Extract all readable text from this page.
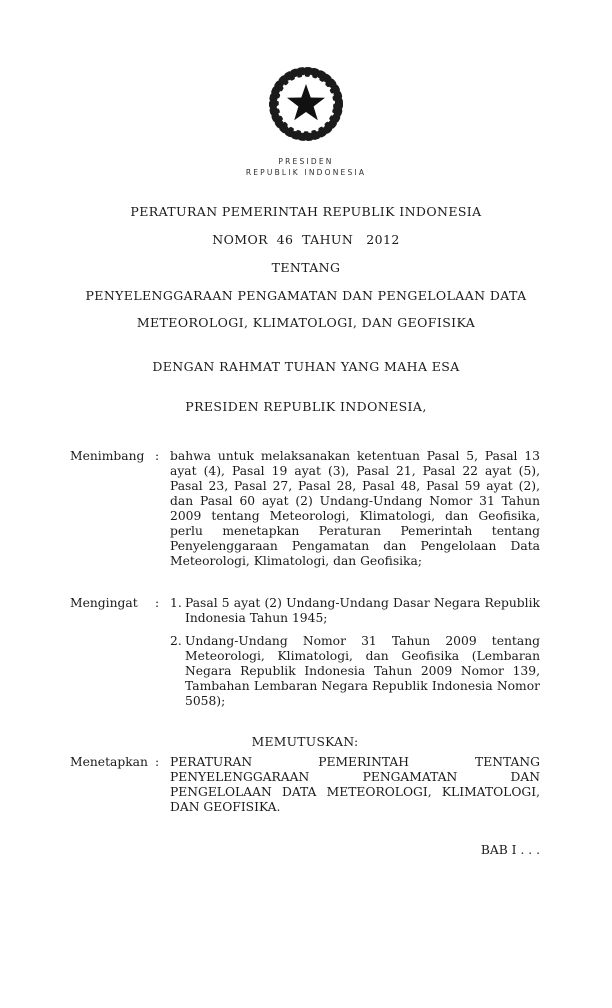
PRESIDEN
REPUBLIK INDONESIA

PERATURAN PEMERINTAH REPUBLIK INDONESIA

NOMOR  46  TAHUN   2012

TENTANG

PENYELENGGARAAN PENGAMATAN DAN PENGELOLAAN DATA

METEOROLOGI, KLIMATOLOGI, DAN GEOFISIKA

DENGAN RAHMAT TUHAN YANG MAHA ESA

PRESIDEN REPUBLIK INDONESIA,

Menimbang : bahwa untuk melaksanakan ketentuan Pasal 5, Pasal 13 ayat (4), Pasal 19 ayat (3), Pasal 21, Pasal 22 ayat (5), Pasal 23, Pasal 27, Pasal 28, Pasal 48, Pasal 59 ayat (2), dan Pasal 60 ayat (2) Undang-Undang Nomor 31 Tahun 2009 tentang Meteorologi, Klimatologi, dan Geofisika, perlu menetapkan Peraturan Pemerintah tentang Penyelenggaraan Pengamatan dan Pengelolaan Data Meteorologi, Klimatologi, dan Geofisika;
Mengingat	: 1. Pasal 5 ayat (2) Undang-Undang Dasar Negara Republik Indonesia Tahun 1945;
2. Undang-Undang Nomor 31 Tahun 2009 tentang Meteorologi, Klimatologi, dan Geofisika (Lembaran Negara Republik Indonesia Tahun 2009 Nomor 139, Tambahan Lembaran Negara Republik Indonesia Nomor 5058);
MEMUTUSKAN:
Menetapkan : PERATURAN PEMERINTAH TENTANG PENYELENGGARAAN PENGAMATAN DAN PENGELOLAAN DATA METEOROLOGI, KLIMATOLOGI, DAN GEOFISIKA.
BAB I . . .
